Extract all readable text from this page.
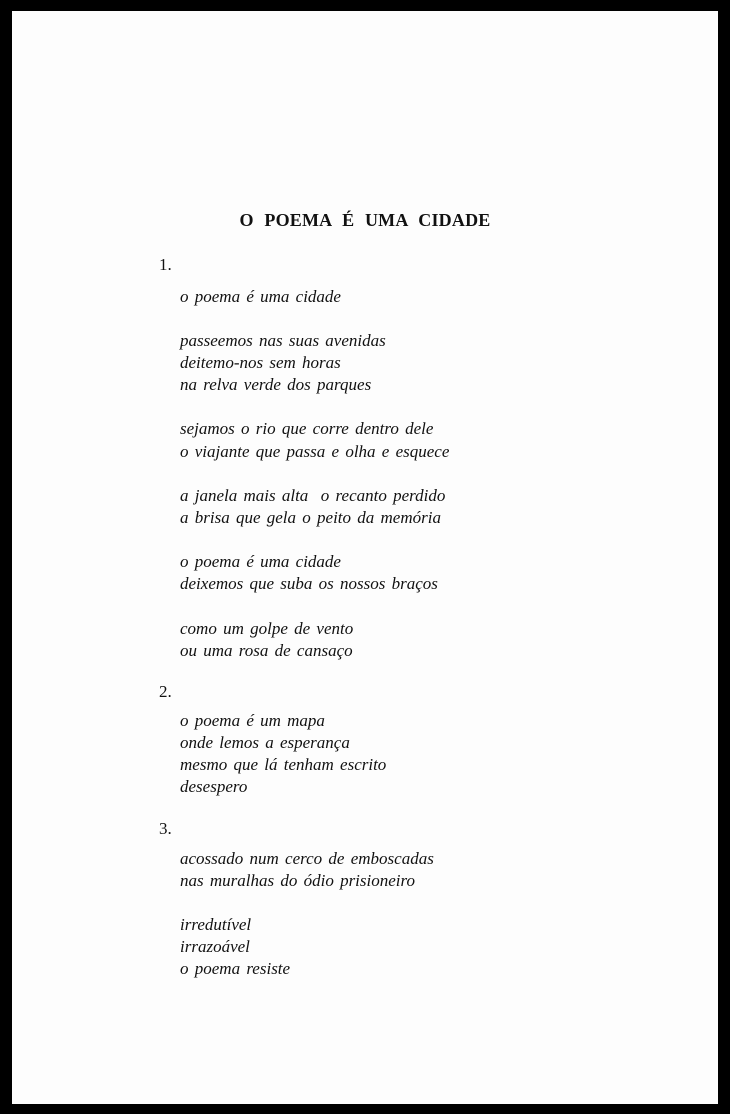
O POEMA É UMA CIDADE
1.
o poema é uma cidade
passeemos nas suas avenidas
deitemo-nos sem horas
na relva verde dos parques
sejamos o rio que corre dentro dele
o viajante que passa e olha e esquece
a janela mais alta  o recanto perdido
a brisa que gela o peito da memória
o poema é uma cidade
deixemos que suba os nossos braços
como um golpe de vento
ou uma rosa de cansaço
2.
o poema é um mapa
onde lemos a esperança
mesmo que lá tenham escrito
desespero
3.
acossado num cerco de emboscadas
nas muralhas do ódio prisioneiro
irredutível
irrazoável
o poema resiste
